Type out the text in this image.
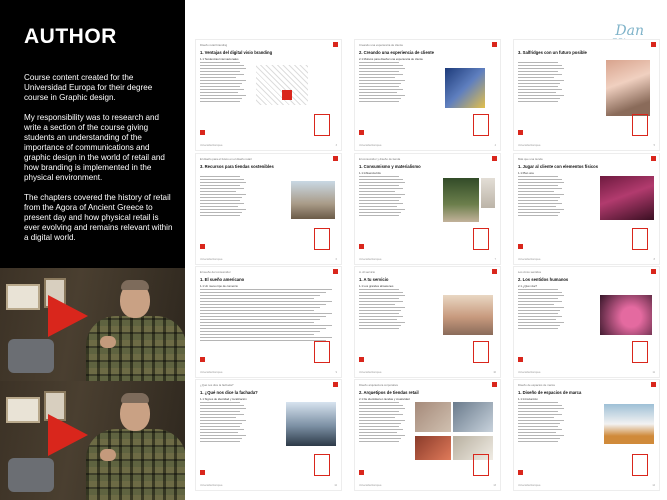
AUTHOR

Course content created for the Universidad Europa for their degree course in Graphic design.

My responsibility was to research and write a section of the course giving students an understanding of the importance of communications and graphic design in the world of retail and how branding is implemented in the physical environment.

The chapters covered the history of retail from the Agora of Ancient Greece to present day and how physical retail is ever evolving and remains relevant within a digital world.

Dan
Diseño retail branding
1. Ventajas del digital visio branding
1.1 Tendencias Internacionales
Universidad Europea	3
Creando una experiencia de cliente
2. Creando una experiencia de cliente
2.1 Motivos para diseñar una experiencia de cliente
Universidad Europea	4
3. Salfridges con un futuro posible
Universidad Europea	5
El diseño para el futuro en el diseño retail
3. Recursos para tiendas sostenibles
Universidad Europea	6
El consumidor y diseño de tienda
1. Consumismo y materialismo
1.1 Influencia bits
Universidad Europea	7
Más que una tienda
1. Jugar al cliente con elementos físicos
1.1 Plan una
Universidad Europea	8
El sueño del consumidor
1. El sueño americano
1.1 Un nuevo tipo de comercio
Universidad Europea	9
A. Al servicio
1. A tu servicio
1.1 Los grandes almacenes
Universidad Europea	10
Los cinco sentidos
2. Los sentidos humanos
2.1 ¿Qué vive?
Universidad Europea	11
¿Qué nos dice la fachada?
1. ¿Qué nos dice la fachada?
1.1 Signos de identidad y localización
Universidad Europea	12
Diseño arquitectura corporativa
2. Arquetipos de tiendas retail
2.1 De identidad en tiendas y creatividad
Universidad Europea	13
Diseño de espacios de marca
1. Diseño de espacios de marca
1.1 Introducción
Universidad Europea	14
